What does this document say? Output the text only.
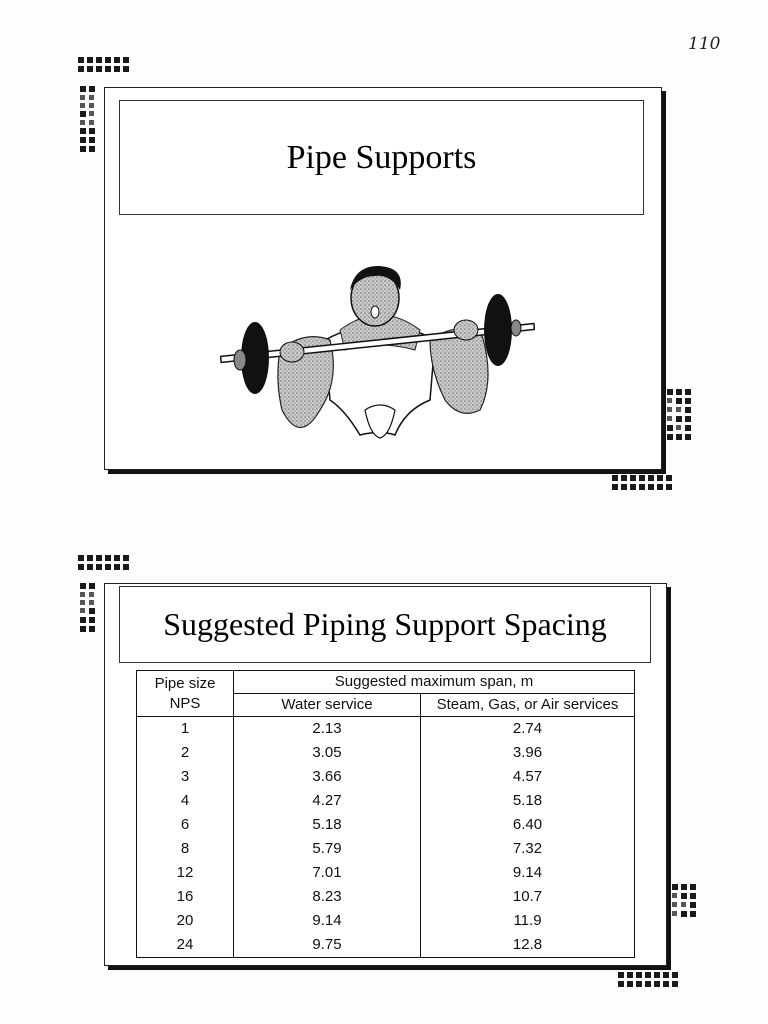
110
Pipe Supports
Suggested Piping Support Spacing
Pipe size
NPS	Suggested maximum span, m	
	Water service	Steam, Gas, or Air services
1	2.13	2.74
2	3.05	3.96
3	3.66	4.57
4	4.27	5.18
6	5.18	6.40
8	5.79	7.32
12	7.01	9.14
16	8.23	10.7
20	9.14	11.9
24	9.75	12.8
